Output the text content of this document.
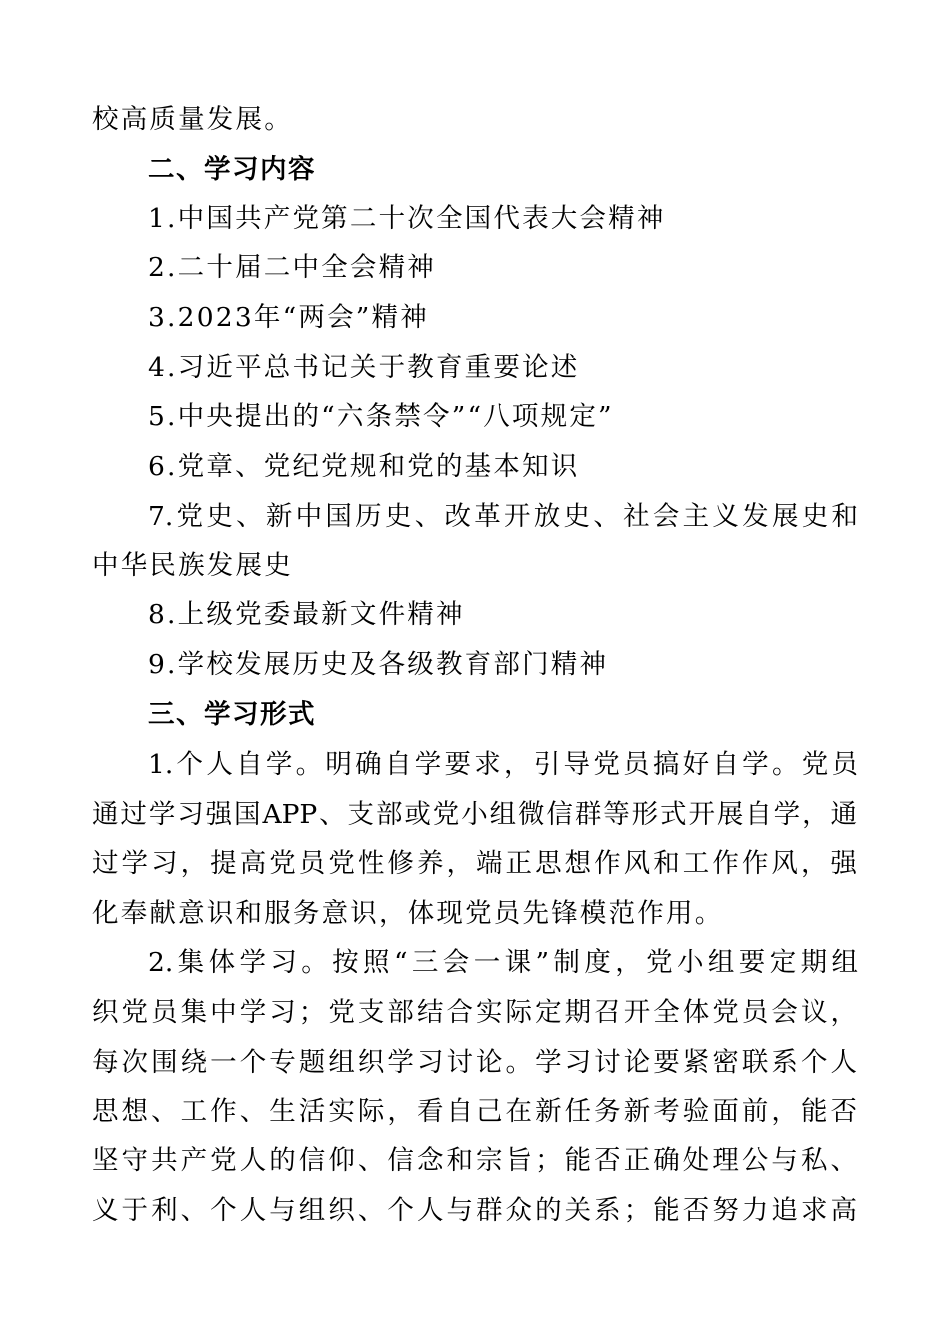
校高质量发展。
二、学习内容
1.中国共产党第二十次全国代表大会精神
2.二十届二中全会精神
3.2023年“两会”精神
4.习近平总书记关于教育重要论述
5.中央提出的“六条禁令”“八项规定”
6.党章、党纪党规和党的基本知识
7.党史、新中国历史、改革开放史、社会主义发展史和
中华民族发展史
8.上级党委最新文件精神
9.学校发展历史及各级教育部门精神
三、学习形式
1.个人自学。明确自学要求，引导党员搞好自学。党员
通过学习强国APP、支部或党小组微信群等形式开展自学，通
过学习，提高党员党性修养，端正思想作风和工作作风，强
化奉献意识和服务意识，体现党员先锋模范作用。
2.集体学习。按照“三会一课”制度，党小组要定期组
织党员集中学习；党支部结合实际定期召开全体党员会议，
每次围绕一个专题组织学习讨论。学习讨论要紧密联系个人
思想、工作、生活实际，看自己在新任务新考验面前，能否
坚守共产党人的信仰、信念和宗旨；能否正确处理公与私、
义于利、个人与组织、个人与群众的关系；能否努力追求高
